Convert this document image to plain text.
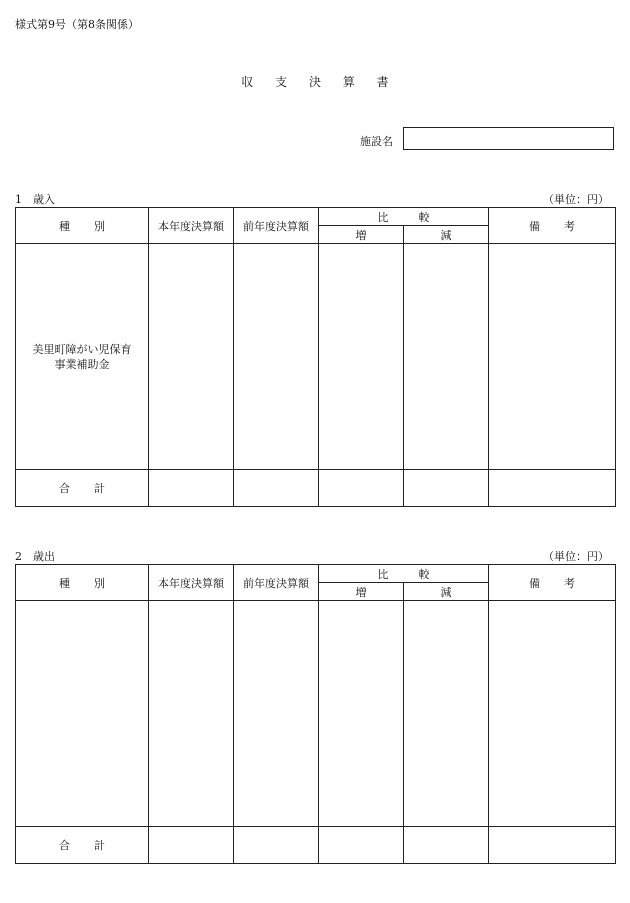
様式第9号（第8条関係）
収 支 決 算 書
施設名
1　歳入	（単位：円）
種 別	本年度決算額	前年度決算額	比 較		備 考
			増	減	

美里町障がい児保育
事業補助金					

合 計					
2　歳出	（単位：円）
種 別	本年度決算額	前年度決算額	比 較		備 考
			増	減	

合 計					
